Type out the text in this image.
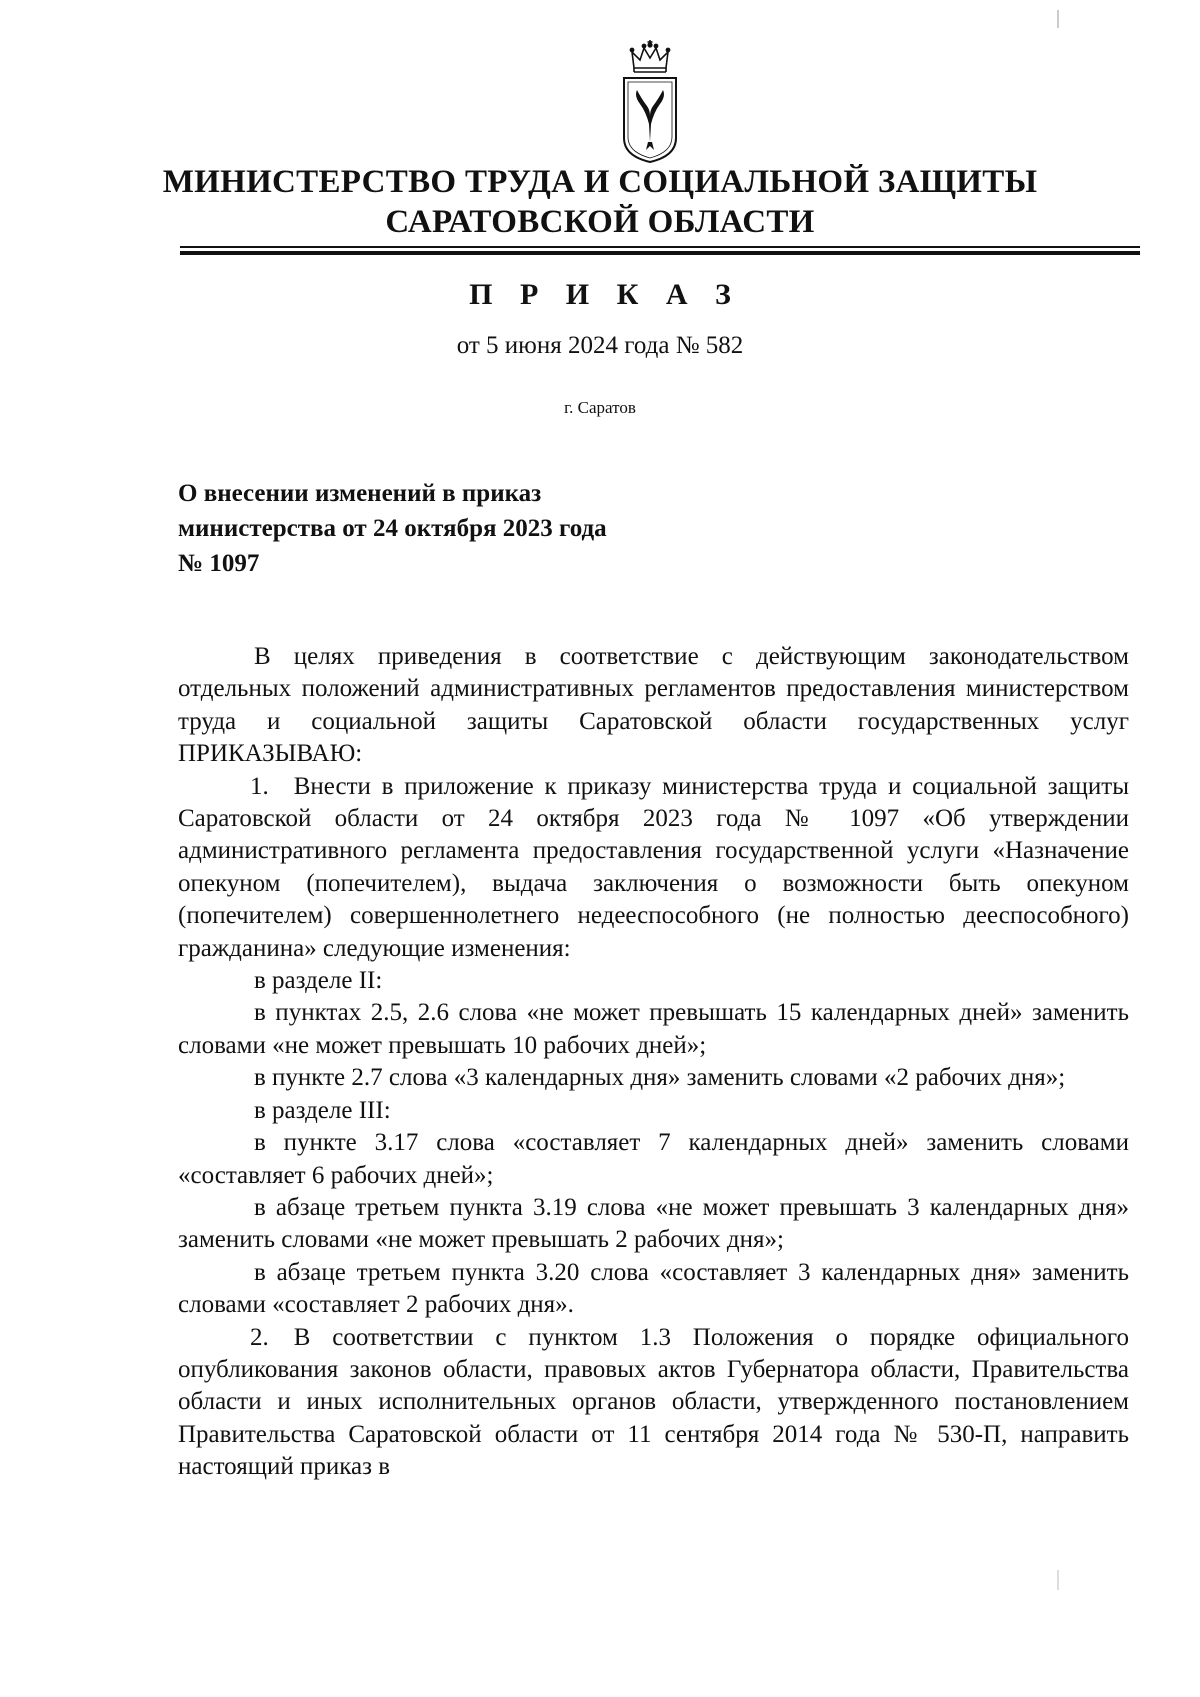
МИНИСТЕРСТВО ТРУДА И СОЦИАЛЬНОЙ ЗАЩИТЫ
САРАТОВСКОЙ ОБЛАСТИ
П Р И К А З
от 5 июня 2024 года № 582
г. Саратов
О внесении изменений в приказ
министерства от 24 октября 2023 года
№ 1097

В целях приведения в соответствие с действующим законодательством отдельных положений административных регламентов предоставления министерством труда и социальной защиты Саратовской области государственных услуг ПРИКАЗЫВАЮ:

1. Внести в приложение к приказу министерства труда и социальной защиты Саратовской области от 24 октября 2023 года № 1097 «Об утверждении административного регламента предоставления государственной услуги «Назначение опекуном (попечителем), выдача заключения о возможности быть опекуном (попечителем) совершеннолетнего недееспособного (не полностью дееспособного) гражданина» следующие изменения:

в разделе II:

в пунктах 2.5, 2.6 слова «не может превышать 15 календарных дней» заменить словами «не может превышать 10 рабочих дней»;

в пункте 2.7 слова «3 календарных дня» заменить словами «2 рабочих дня»;

в разделе III:

в пункте 3.17 слова «составляет 7 календарных дней» заменить словами «составляет 6 рабочих дней»;

в абзаце третьем пункта 3.19 слова «не может превышать 3 календарных дня» заменить словами «не может превышать 2 рабочих дня»;

в абзаце третьем пункта 3.20 слова «составляет 3 календарных дня» заменить словами «составляет 2 рабочих дня».

2. В соответствии с пунктом 1.3 Положения о порядке официального опубликования законов области, правовых актов Губернатора области, Правительства области и иных исполнительных органов области, утвержденного постановлением Правительства Саратовской области от 11 сентября 2014 года № 530-П, направить настоящий приказ в
